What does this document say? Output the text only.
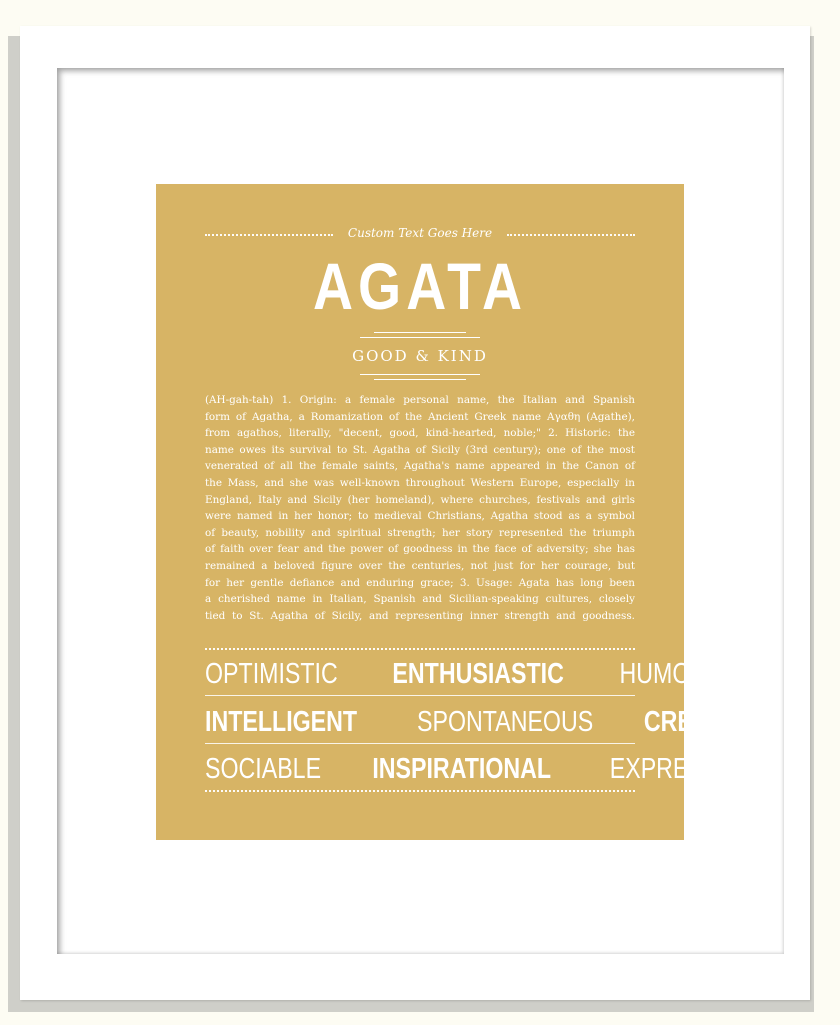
Custom Text Goes Here
AGATA
GOOD & KIND
(AH-gah-tah) 1. Origin: a female personal name, the Italian and Spanish
form of Agatha, a Romanization of the Ancient Greek name Αγαθη (Agathe),
from agathos, literally, "decent, good, kind-hearted, noble;" 2. Historic: the
name owes its survival to St. Agatha of Sicily (3rd century); one of the most
venerated of all the female saints, Agatha's name appeared in the Canon of
the Mass, and she was well-known throughout Western Europe, especially in
England, Italy and Sicily (her homeland), where churches, festivals and girls
were named in her honor; to medieval Christians, Agatha stood as a symbol
of beauty, nobility and spiritual strength; her story represented the triumph
of faith over fear and the power of goodness in the face of adversity; she has
remained a beloved figure over the centuries, not just for her courage, but
for her gentle defiance and enduring grace; 3. Usage: Agata has long been
a cherished name in Italian, Spanish and Sicilian-speaking cultures, closely
tied to St. Agatha of Sicily, and representing inner strength and goodness.
OPTIMISTIC ENTHUSIASTIC HUMOROUS
INTELLIGENT SPONTANEOUS CREATIVE
SOCIABLE INSPIRATIONAL EXPRESSIVE
